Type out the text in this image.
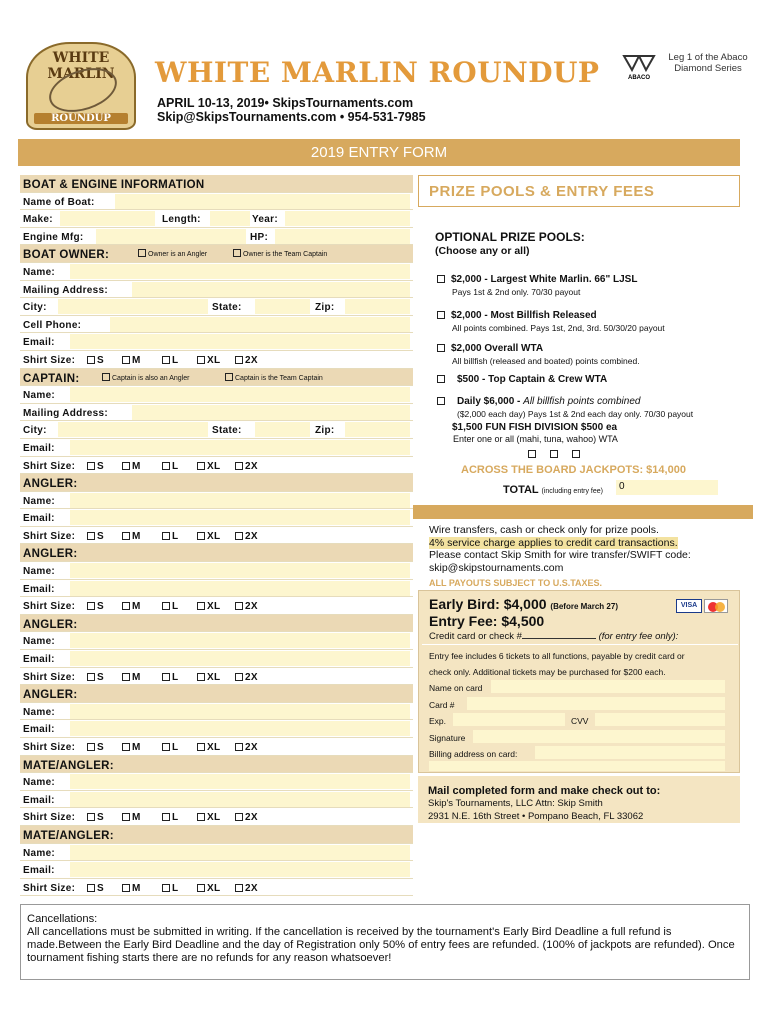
WHITE MARLIN
ROUNDUP
WHITE MARLIN ROUNDUP
APRIL 10-13, 2019• SkipsTournaments.com
Skip@SkipsTournaments.com • 954-531-7985
ABACO
Leg 1 of the Abaco Diamond Series
2019 ENTRY FORM
BOAT & ENGINE INFORMATION
Name of Boat:
Make:	Length:	Year:
Engine Mfg:	HP:
BOAT OWNER:	Owner is an Angler	Owner is the Team Captain
Name:
Mailing Address:
City:	State:	Zip:
Cell Phone:
Email:
Shirt Size:	S	M	L	XL	2X
CAPTAIN:	Captain is also an Angler	Captain is the Team Captain
Name:
Mailing Address:
City:	State:	Zip:
Email:
Shirt Size:	S	M	L	XL	2X
ANGLER:
Name:
Email:
Shirt Size:	S	M	L	XL	2X
ANGLER:
Name:
Email:
Shirt Size:	S	M	L	XL	2X
ANGLER:
Name:
Email:
Shirt Size:	S	M	L	XL	2X
ANGLER:
Name:
Email:
Shirt Size:	S	M	L	XL	2X
MATE/ANGLER:
Name:
Email:
Shirt Size:	S	M	L	XL	2X
MATE/ANGLER:
Name:
Email:
Shirt Size:	S	M	L	XL	2X
PRIZE POOLS & ENTRY FEES
OPTIONAL PRIZE POOLS:
(Choose any or all)
$2,000 - Largest White Marlin. 66" LJSL
Pays 1st & 2nd only. 70/30 payout
$2,000 - Most Billfish Released
All points combined. Pays 1st, 2nd, 3rd. 50/30/20 payout
$2,000 Overall WTA
All billfish (released and boated) points combined.
$500 - Top Captain & Crew WTA
Daily $6,000 - All billfish points combined
($2,000 each day) Pays 1st & 2nd each day only. 70/30 payout
$1,500 FUN FISH DIVISION $500 ea
Enter one or all (mahi, tuna, wahoo) WTA
ACROSS THE BOARD JACKPOTS: $14,000
TOTAL (including entry fee)	0
Wire transfers, cash or check only for prize pools.
4% service charge applies to credit card transactions.
Please contact Skip Smith for wire transfer/SWIFT code:
skip@skipstournaments.com
ALL PAYOUTS SUBJECT TO U.S.TAXES.
Early Bird: $4,000 (Before March 27)	VISA
Entry Fee: $4,500
Credit card or check #	(for entry fee only):
Entry fee includes 6 tickets to all functions, payable by credit card or
check only. Additional tickets may be purchased for $200 each.
Name on card
Card #
Exp.	CVV
Signature
Billing address on card:
Mail completed form and make check out to:
Skip's Tournaments, LLC Attn: Skip Smith
2931 N.E. 16th Street • Pompano Beach, FL 33062
Cancellations:
All cancellations must be submitted in writing. If the cancellation is received by the tournament's Early Bird Deadline a full refund is made.Between the Early Bird Deadline and the day of Registration only 50% of entry fees are refunded. (100% of jackpots are refunded). Once tournament fishing starts there are no refunds for any reason whatsoever!
